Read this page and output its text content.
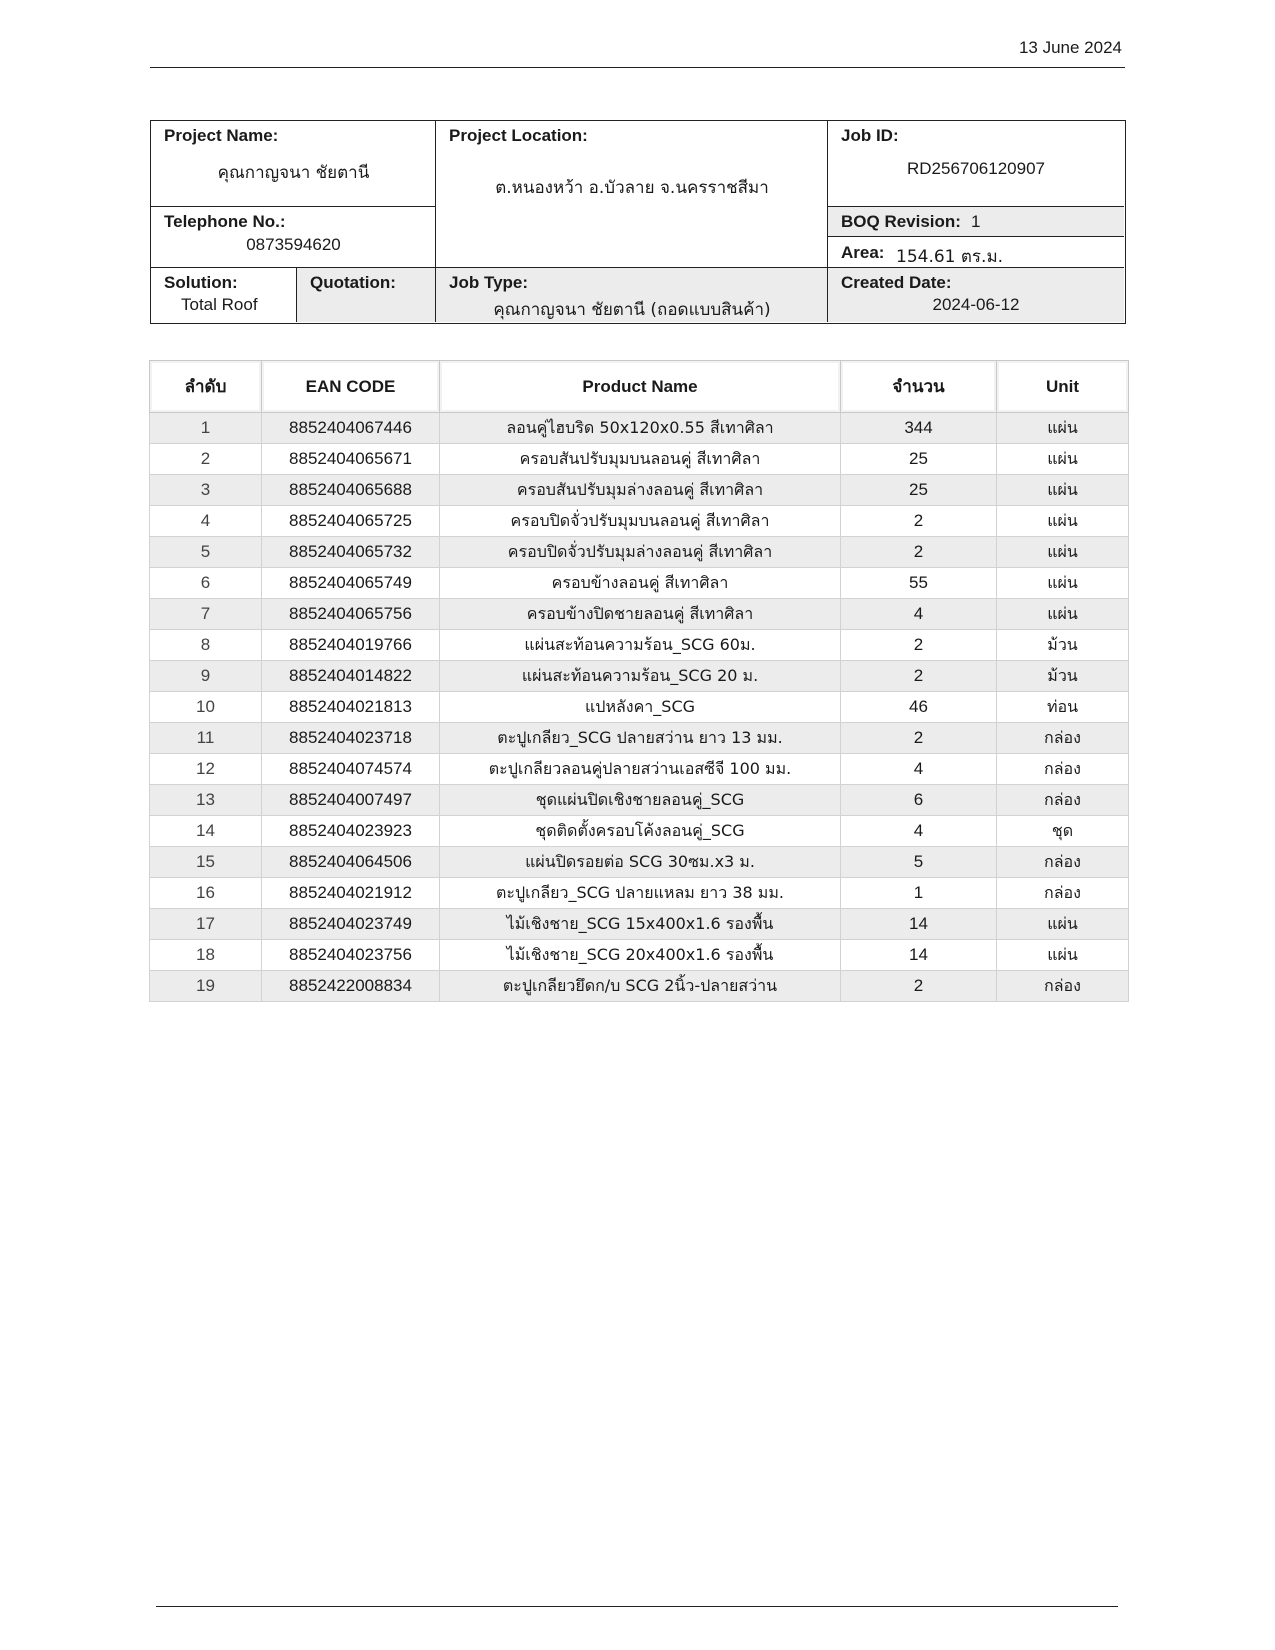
13 June 2024
Project Name:
คุณกาญจนา ชัยตานี
Telephone No.:
0873594620
Project Location:
ต.หนองหว้า อ.บัวลาย จ.นครราชสีมา
Job ID:
RD256706120907
BOQ Revision: 1
Area: 154.61 ตร.ม.
Solution:
Total Roof
Quotation:	Job Type:
คุณกาญจนา ชัยตานี (ถอดแบบสินค้า)
Created Date:
2024-06-12
ลำดับ	EAN CODE	Product Name	จำนวน	Unit
1	8852404067446	ลอนคู่ไฮบริด 50x120x0.55 สีเทาศิลา	344	แผ่น
2	8852404065671	ครอบสันปรับมุมบนลอนคู่ สีเทาศิลา	25	แผ่น
3	8852404065688	ครอบสันปรับมุมล่างลอนคู่ สีเทาศิลา	25	แผ่น
4	8852404065725	ครอบปิดจั่วปรับมุมบนลอนคู่ สีเทาศิลา	2	แผ่น
5	8852404065732	ครอบปิดจั่วปรับมุมล่างลอนคู่ สีเทาศิลา	2	แผ่น
6	8852404065749	ครอบข้างลอนคู่ สีเทาศิลา	55	แผ่น
7	8852404065756	ครอบข้างปิดชายลอนคู่ สีเทาศิลา	4	แผ่น
8	8852404019766	แผ่นสะท้อนความร้อน_SCG 60ม.	2	ม้วน
9	8852404014822	แผ่นสะท้อนความร้อน_SCG 20 ม.	2	ม้วน
10	8852404021813	แปหลังคา_SCG	46	ท่อน
11	8852404023718	ตะปูเกลียว_SCG ปลายสว่าน ยาว 13 มม.	2	กล่อง
12	8852404074574	ตะปูเกลียวลอนคู่ปลายสว่านเอสซีจี 100 มม.	4	กล่อง
13	8852404007497	ชุดแผ่นปิดเชิงชายลอนคู่_SCG	6	กล่อง
14	8852404023923	ชุดติดตั้งครอบโค้งลอนคู่_SCG	4	ชุด
15	8852404064506	แผ่นปิดรอยต่อ SCG 30ซม.x3 ม.	5	กล่อง
16	8852404021912	ตะปูเกลียว_SCG ปลายแหลม ยาว 38 มม.	1	กล่อง
17	8852404023749	ไม้เชิงชาย_SCG 15x400x1.6 รองพื้น	14	แผ่น
18	8852404023756	ไม้เชิงชาย_SCG 20x400x1.6 รองพื้น	14	แผ่น
19	8852422008834	ตะปูเกลียวยึดก/บ SCG 2นิ้ว-ปลายสว่าน	2	กล่อง
